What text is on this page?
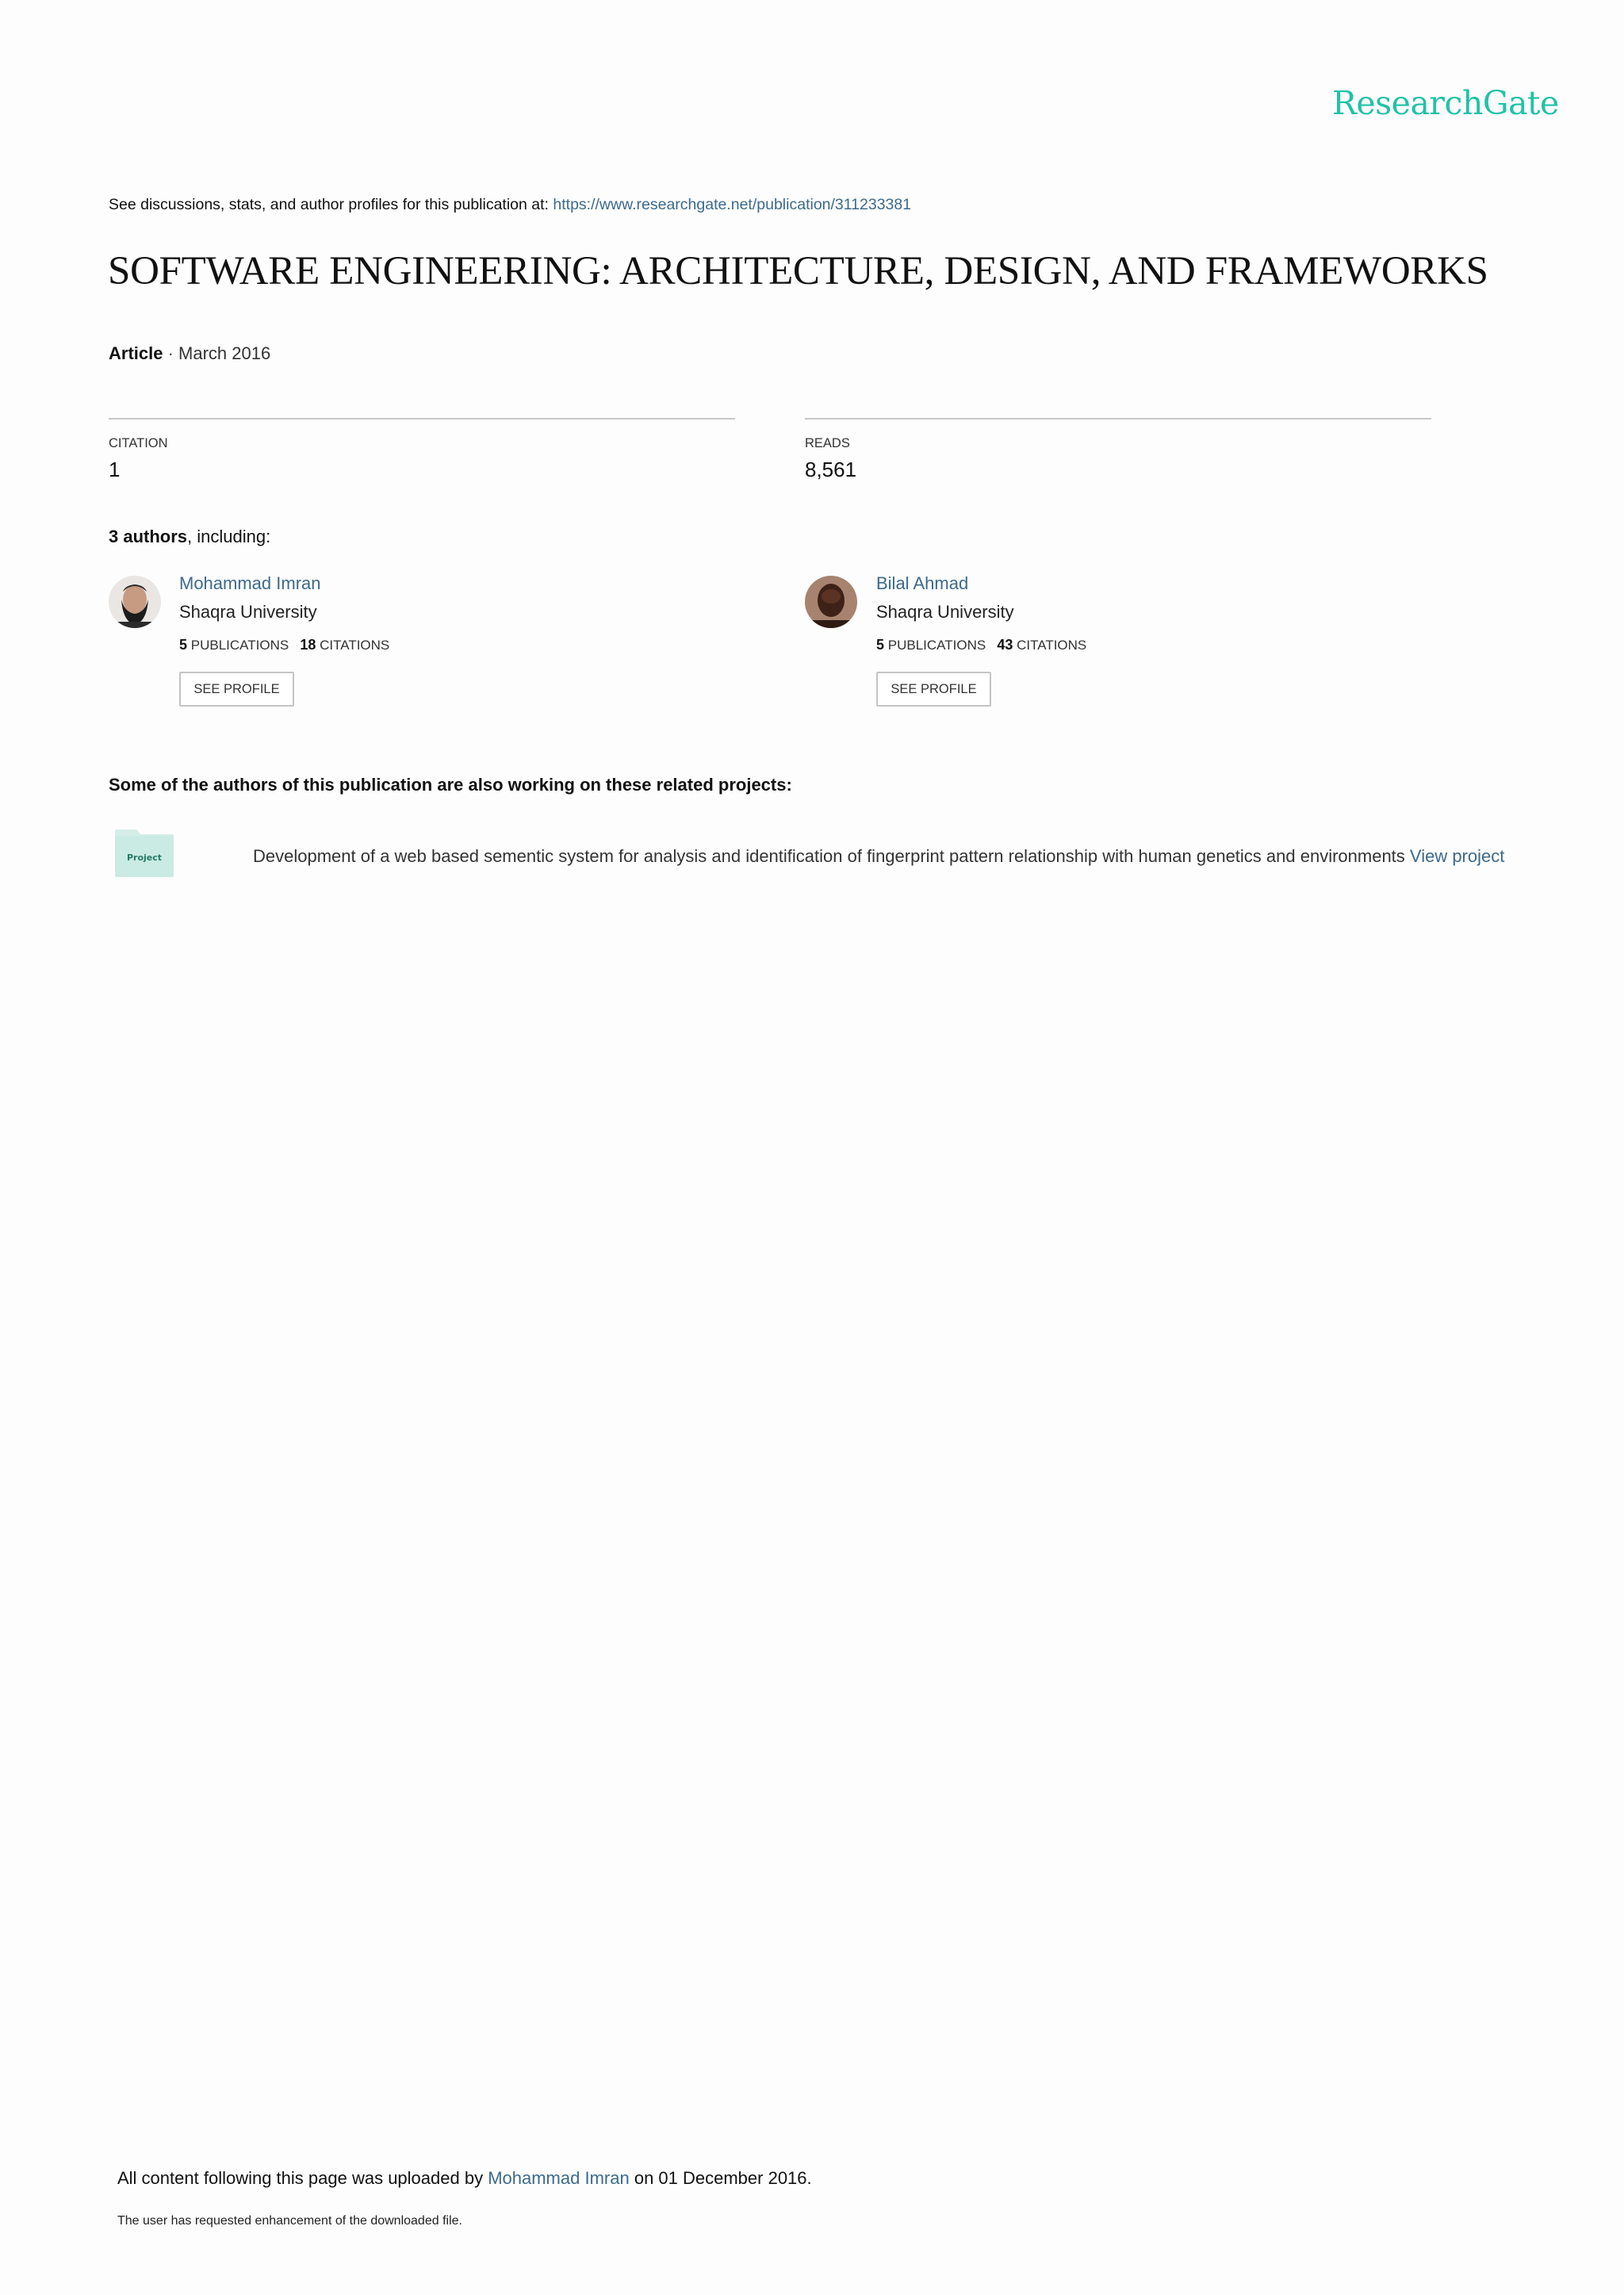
ResearchGate
See discussions, stats, and author profiles for this publication at: https://www.researchgate.net/publication/311233381
SOFTWARE ENGINEERING: ARCHITECTURE, DESIGN, AND FRAMEWORKS
Article · March 2016
CITATION
1
READS
8,561
3 authors, including:
Mohammad Imran
Shaqra University
5 PUBLICATIONS 18 CITATIONS
SEE PROFILE
Bilal Ahmad
Shaqra University
5 PUBLICATIONS 43 CITATIONS
SEE PROFILE
Some of the authors of this publication are also working on these related projects:
Project	Development of a web based sementic system for analysis and identification of fingerprint pattern relationship with human genetics and environments View project
All content following this page was uploaded by Mohammad Imran on 01 December 2016.
The user has requested enhancement of the downloaded file.
